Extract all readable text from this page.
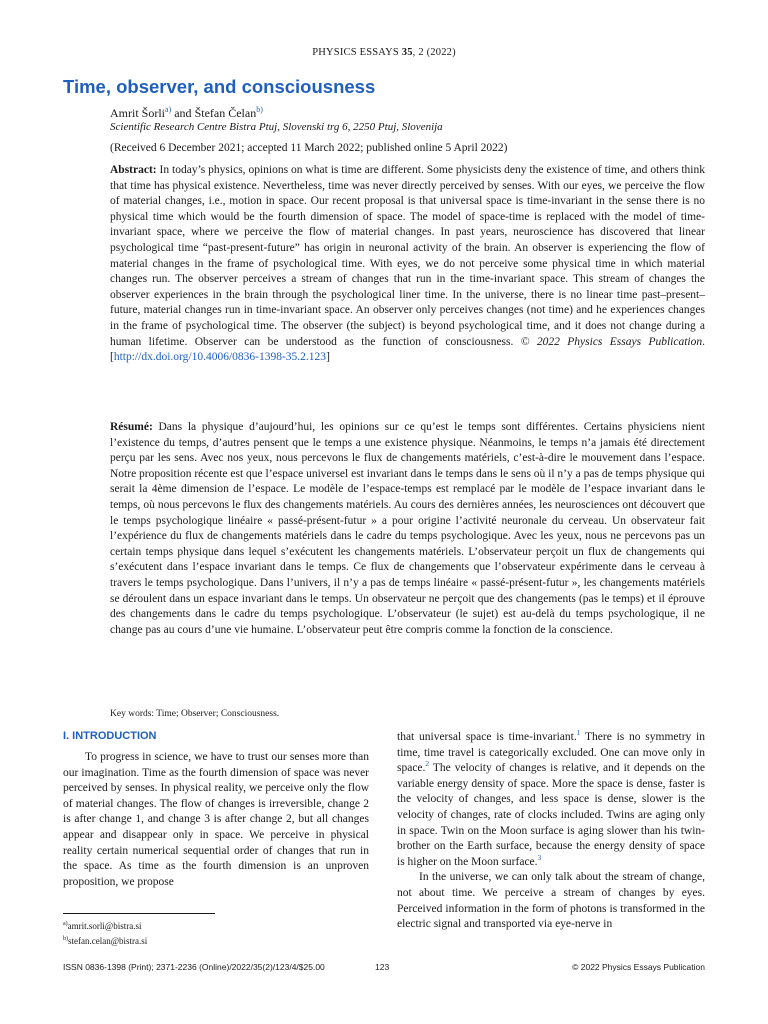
PHYSICS ESSAYS 35, 2 (2022)
Time, observer, and consciousness
Amrit Šorli$^{a)}$ and Štefan Čelan$^{b)}$
Scientific Research Centre Bistra Ptuj, Slovenski trg 6, 2250 Ptuj, Slovenija
(Received 6 December 2021; accepted 11 March 2022; published online 5 April 2022)

Abstract: In today’s physics, opinions on what is time are different. Some physicists deny the existence of time, and others think that time has physical existence. Nevertheless, time was never directly perceived by senses. With our eyes, we perceive the flow of material changes, i.e., motion in space. Our recent proposal is that universal space is time-invariant in the sense there is no physical time which would be the fourth dimension of space. The model of space-time is replaced with the model of time-invariant space, where we perceive the flow of material changes. In past years, neuroscience has discovered that linear psychological time “past-present-future” has origin in neuronal activity of the brain. An observer is experiencing the flow of material changes in the frame of psychological time. With eyes, we do not perceive some physical time in which material changes run. The observer perceives a stream of changes that run in the time-invariant space. This stream of changes the observer experiences in the brain through the psychological liner time. In the universe, there is no linear time past–present–future, material changes run in time-invariant space. An observer only perceives changes (not time) and he experiences changes in the frame of psychological time. The observer (the subject) is beyond psychological time, and it does not change during a human lifetime. Observer can be understood as the function of consciousness. © 2022 Physics Essays Publication. [http://dx.doi.org/10.4006/0836-1398-35.2.123]

Résumé: Dans la physique d’aujourd’hui, les opinions sur ce qu’est le temps sont différentes. Certains physiciens nient l’existence du temps, d’autres pensent que le temps a une existence physique. Néanmoins, le temps n’a jamais été directement perçu par les sens. Avec nos yeux, nous percevons le flux de changements matériels, c’est-à-dire le mouvement dans l’espace. Notre proposition récente est que l’espace universel est invariant dans le temps dans le sens où il n’y a pas de temps physique qui serait la 4ème dimension de l’espace. Le modèle de l’espace-temps est remplacé par le modèle de l’espace invariant dans le temps, où nous percevons le flux des changements matériels. Au cours des dernières années, les neurosciences ont découvert que le temps psychologique linéaire « passé-présent-futur » a pour origine l’activité neuronale du cerveau. Un observateur fait l’expérience du flux de changements matériels dans le cadre du temps psychologique. Avec les yeux, nous ne percevons pas un certain temps physique dans lequel s’exécutent les changements matériels. L’observateur perçoit un flux de changements qui s’exécutent dans l’espace invariant dans le temps. Ce flux de changements que l’observateur expérimente dans le cerveau à travers le temps psychologique. Dans l’univers, il n’y a pas de temps linéaire « passé-présent-futur », les changements matériels se déroulent dans un espace invariant dans le temps. Un observateur ne perçoit que des changements (pas le temps) et il éprouve des changements dans le cadre du temps psychologique. L’observateur (le sujet) est au-delà du temps psychologique, il ne change pas au cours d’une vie humaine. L’observateur peut être compris comme la fonction de la conscience.

Key words: Time; Observer; Consciousness.
I. INTRODUCTION

To progress in science, we have to trust our senses more than our imagination. Time as the fourth dimension of space was never perceived by senses. In physical reality, we perceive only the flow of material changes. The flow of changes is irreversible, change 2 is after change 1, and change 3 is after change 2, but all changes appear and disappear only in space. We perceive in physical reality certain numerical sequential order of changes that run in the space. As time as the fourth dimension is an unproven proposition, we propose

that universal space is time-invariant.$^1$ There is no symmetry in time, time travel is categorically excluded. One can move only in space.$^2$ The velocity of changes is relative, and it depends on the variable energy density of space. More the space is dense, faster is the velocity of changes, and less space is dense, slower is the velocity of changes, rate of clocks included. Twins are aging only in space. Twin on the Moon surface is aging slower than his twin-brother on the Earth surface, because the energy density of space is higher on the Moon surface.$^3$

In the universe, we can only talk about the stream of change, not about time. We perceive a stream of changes by eyes. Perceived information in the form of photons is transformed in the electric signal and transported via eye-nerve in

$^{a)}$amrit.sorli@bistra.si
$^{b)}$stefan.celan@bistra.si
ISSN 0836-1398 (Print); 2371-2236 (Online)/2022/35(2)/123/4/$25.00	123	© 2022 Physics Essays Publication
